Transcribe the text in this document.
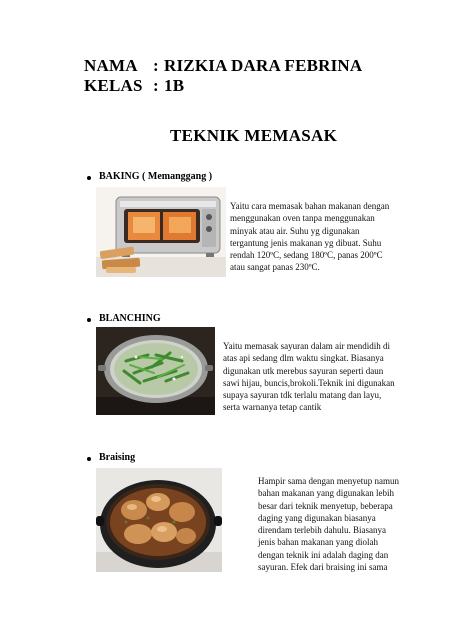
NAMA : RIZKIA DARA FEBRINA
KELAS : 1B
TEKNIK MEMASAK
BAKING ( Memanggang )
Yaitu cara memasak bahan makanan dengan
menggunakan oven tanpa menggunakan
minyak atau air. Suhu yg digunakan
tergantung jenis makanan yg dibuat. Suhu
rendah 120ºC, sedang 180ºC, panas 200ºC
atau sangat panas 230ºC.
BLANCHING
Yaitu memasak sayuran dalam air mendidih di
atas api sedang dlm waktu singkat. Biasanya
digunakan utk merebus sayuran seperti daun
sawi hijau, buncis,brokoli.Teknik ini digunakan
supaya sayuran tdk terlalu matang dan layu,
serta warnanya tetap cantik
Braising
Hampir sama dengan menyetup namun
bahan makanan yang digunakan lebih
besar dari teknik menyetup, beberapa
daging yang digunakan biasanya
direndam terlebih dahulu. Biasanya
jenis bahan makanan yang diolah
dengan teknik ini adalah daging dan
sayuran. Efek dari braising ini sama
